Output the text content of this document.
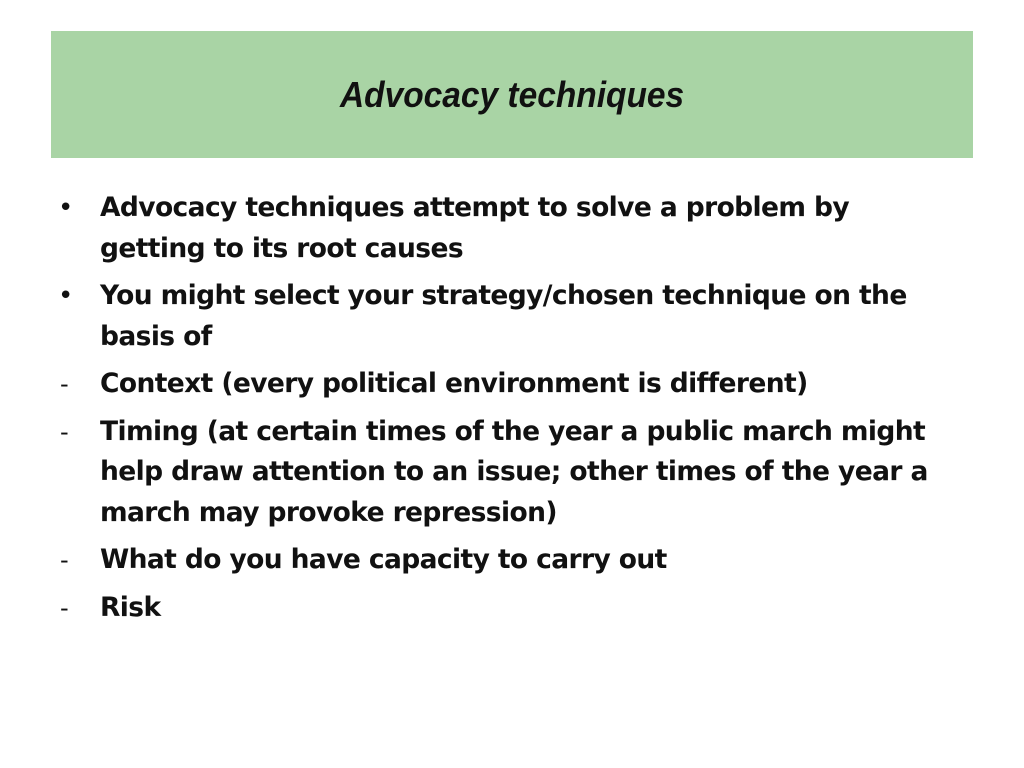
Advocacy techniques
•	Advocacy techniques attempt to solve a problem by getting to its root causes
•	You might select your strategy/chosen technique on the basis of
-	Context (every political environment is different)
-	Timing (at certain times of the year a public march might help draw attention to an issue; other times of the year a march may provoke repression)
-	What do you have capacity to carry out
-	Risk
